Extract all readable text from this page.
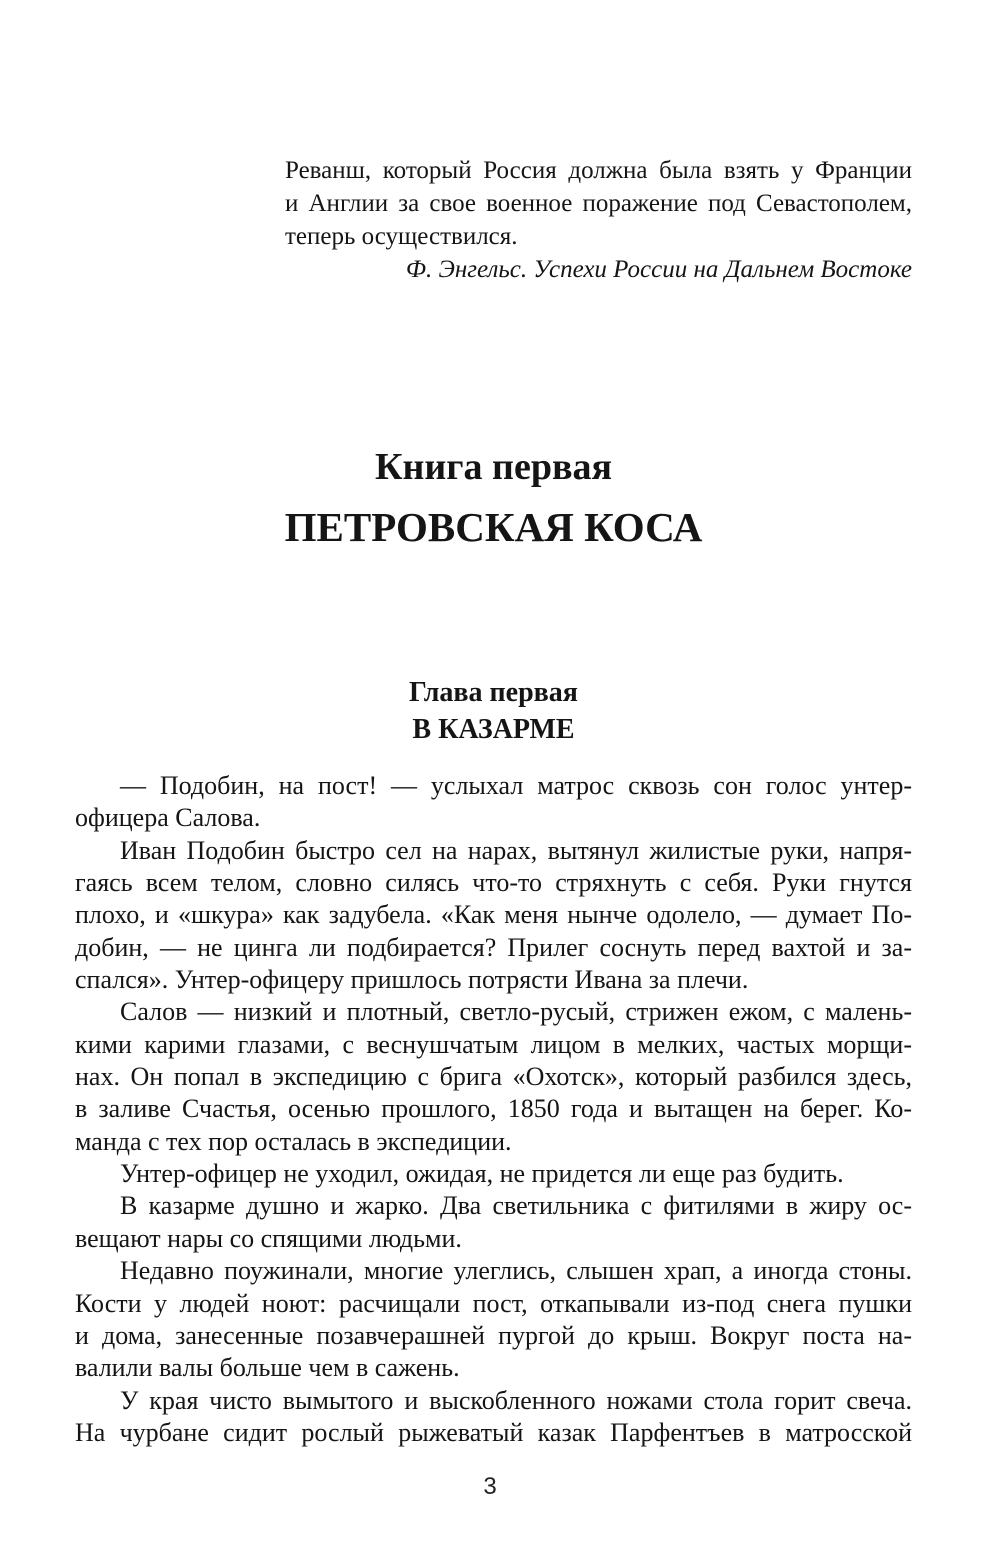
Реванш, который Россия должна была взять у Франции
и Англии за свое военное поражение под Севастополем,
теперь осуществился.
Ф. Энгельс. Успехи России на Дальнем Востоке
Книга первая
ПЕТРОВСКАЯ КОСА
Глава первая
В КАЗАРМЕ
— Подобин, на пост! — услыхал матрос сквозь сон голос унтер-
офицера Салова.
Иван Подобин быстро сел на нарах, вытянул жилистые руки, напря-
гаясь всем телом, словно силясь что-то стряхнуть с себя. Руки гнутся
плохо, и «шкура» как задубела. «Как меня нынче одолело, — думает По-
добин, — не цинга ли подбирается? Прилег соснуть перед вахтой и за-
спался». Унтер-офицеру пришлось потрясти Ивана за плечи.
Салов — низкий и плотный, светло-русый, стрижен ежом, с малень-
кими карими глазами, с веснушчатым лицом в мелких, частых морщи-
нах. Он попал в экспедицию с брига «Охотск», который разбился здесь,
в заливе Счастья, осенью прошлого, 1850 года и вытащен на берег. Ко-
манда с тех пор осталась в экспедиции.
Унтер-офицер не уходил, ожидая, не придется ли еще раз будить.
В казарме душно и жарко. Два светильника с фитилями в жиру ос-
вещают нары со спящими людьми.
Недавно поужинали, многие улеглись, слышен храп, а иногда стоны.
Кости у людей ноют: расчищали пост, откапывали из-под снега пушки
и дома, занесенные позавчерашней пургой до крыш. Вокруг поста на-
валили валы больше чем в сажень.
У края чисто вымытого и выскобленного ножами стола горит свеча.
На чурбане сидит рослый рыжеватый казак Парфентъев в матросской
3
